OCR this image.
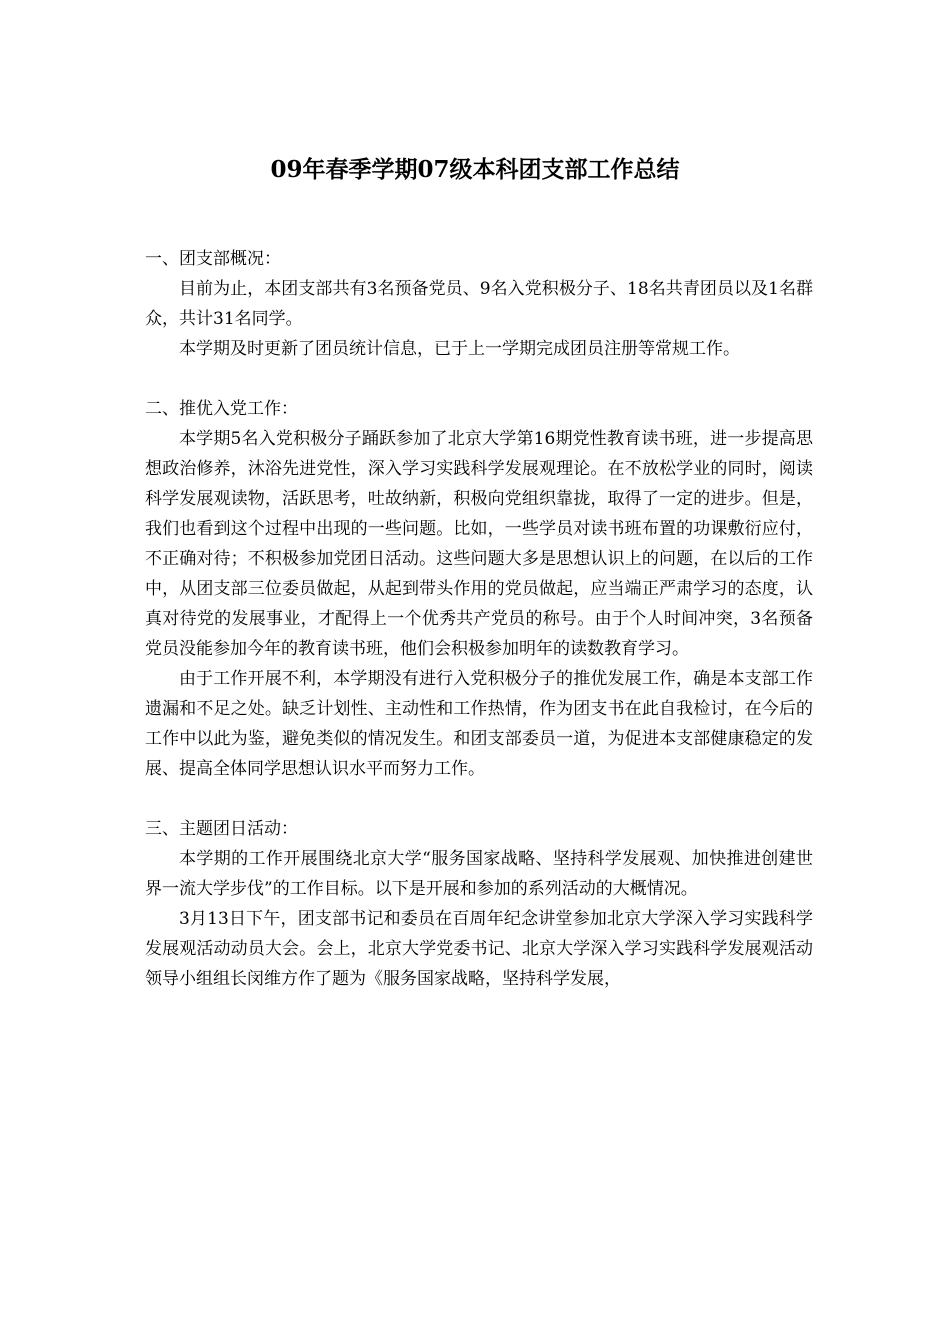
09年春季学期07级本科团支部工作总结

一、团支部概况：

目前为止，本团支部共有3名预备党员、9名入党积极分子、18名共青团员以及1名群众，共计31名同学。

本学期及时更新了团员统计信息，已于上一学期完成团员注册等常规工作。

二、推优入党工作：

本学期5名入党积极分子踊跃参加了北京大学第16期党性教育读书班，进一步提高思想政治修养，沐浴先进党性，深入学习实践科学发展观理论。在不放松学业的同时，阅读科学发展观读物，活跃思考，吐故纳新，积极向党组织靠拢，取得了一定的进步。但是，我们也看到这个过程中出现的一些问题。比如，一些学员对读书班布置的功课敷衍应付，不正确对待；不积极参加党团日活动。这些问题大多是思想认识上的问题，在以后的工作中，从团支部三位委员做起，从起到带头作用的党员做起，应当端正严肃学习的态度，认真对待党的发展事业，才配得上一个优秀共产党员的称号。由于个人时间冲突，3名预备党员没能参加今年的教育读书班，他们会积极参加明年的读数教育学习。

由于工作开展不利，本学期没有进行入党积极分子的推优发展工作，确是本支部工作遗漏和不足之处。缺乏计划性、主动性和工作热情，作为团支书在此自我检讨，在今后的工作中以此为鉴，避免类似的情况发生。和团支部委员一道，为促进本支部健康稳定的发展、提高全体同学思想认识水平而努力工作。

三、主题团日活动：

本学期的工作开展围绕北京大学“服务国家战略、坚持科学发展观、加快推进创建世界一流大学步伐”的工作目标。以下是开展和参加的系列活动的大概情况。

3月13日下午，团支部书记和委员在百周年纪念讲堂参加北京大学深入学习实践科学发展观活动动员大会。会上，北京大学党委书记、北京大学深入学习实践科学发展观活动领导小组组长闵维方作了题为《服务国家战略，坚持科学发展，
